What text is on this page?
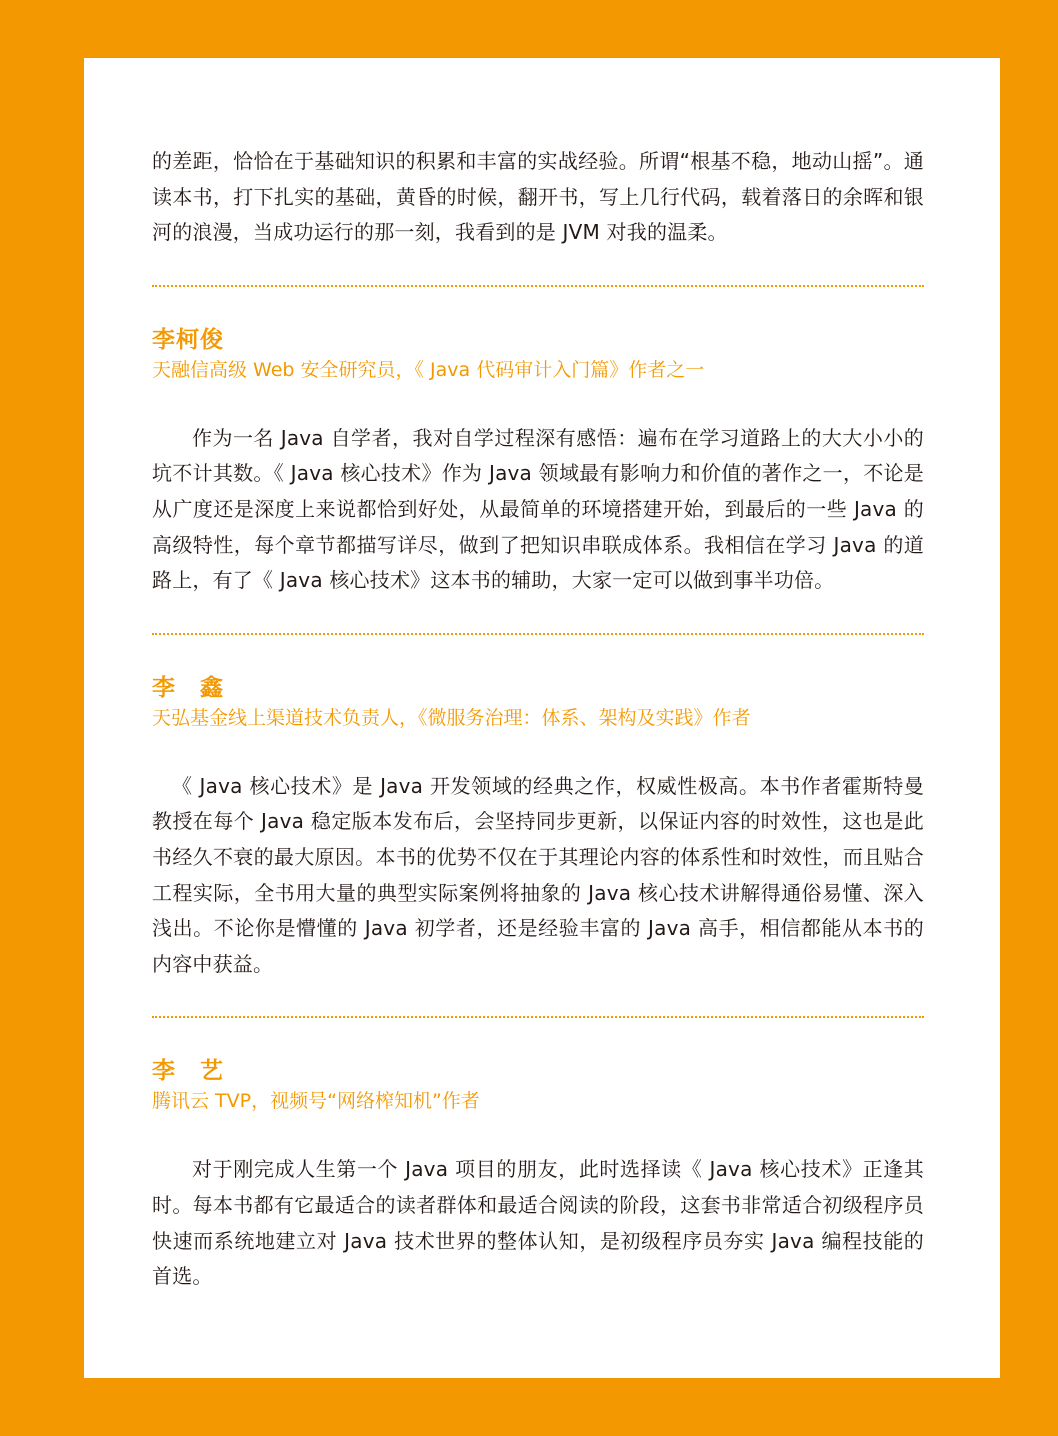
的差距，恰恰在于基础知识的积累和丰富的实战经验。所谓“根基不稳，地动山摇”。通读本书，打下扎实的基础，黄昏的时候，翻开书，写上几行代码，载着落日的余晖和银河的浪漫，当成功运行的那一刻，我看到的是 JVM 对我的温柔。

李柯俊

天融信高级 Web 安全研究员，《 Java 代码审计入门篇》作者之一

作为一名 Java 自学者，我对自学过程深有感悟：遍布在学习道路上的大大小小的坑不计其数。《 Java 核心技术》作为 Java 领域最有影响力和价值的著作之一，不论是从广度还是深度上来说都恰到好处，从最简单的环境搭建开始，到最后的一些 Java 的高级特性，每个章节都描写详尽，做到了把知识串联成体系。我相信在学习 Java 的道路上，有了《 Java 核心技术》这本书的辅助，大家一定可以做到事半功倍。

李　鑫

天弘基金线上渠道技术负责人，《微服务治理：体系、架构及实践》作者

《 Java 核心技术》是 Java 开发领域的经典之作，权威性极高。本书作者霍斯特曼教授在每个 Java 稳定版本发布后，会坚持同步更新，以保证内容的时效性，这也是此书经久不衰的最大原因。本书的优势不仅在于其理论内容的体系性和时效性，而且贴合工程实际，全书用大量的典型实际案例将抽象的 Java 核心技术讲解得通俗易懂、深入浅出。不论你是懵懂的 Java 初学者，还是经验丰富的 Java 高手，相信都能从本书的内容中获益。

李　艺

腾讯云 TVP，视频号“网络榨知机”作者

对于刚完成人生第一个 Java 项目的朋友，此时选择读《 Java 核心技术》正逢其时。每本书都有它最适合的读者群体和最适合阅读的阶段，这套书非常适合初级程序员快速而系统地建立对 Java 技术世界的整体认知，是初级程序员夯实 Java 编程技能的首选。
